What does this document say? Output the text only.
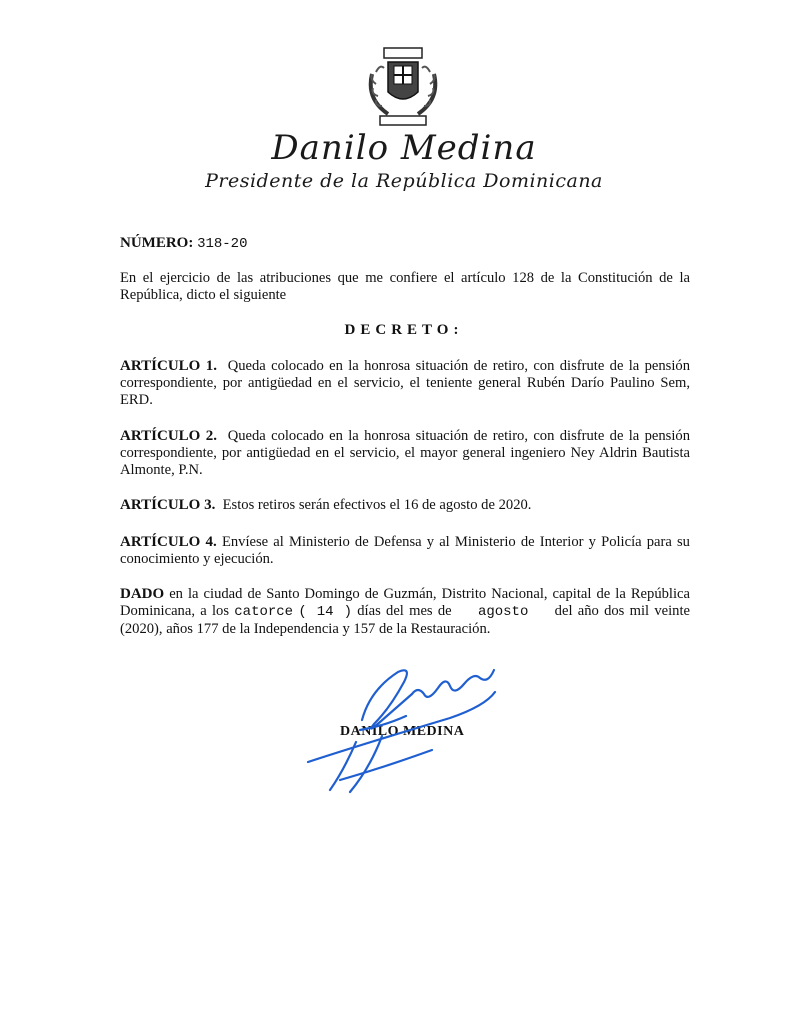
Danilo Medina
Presidente de la República Dominicana
NÚMERO: 318-20
En el ejercicio de las atribuciones que me confiere el artículo 128 de la Constitución de la República, dicto el siguiente
DECRETO:
ARTÍCULO 1. Queda colocado en la honrosa situación de retiro, con disfrute de la pensión correspondiente, por antigüedad en el servicio, el teniente general Rubén Darío Paulino Sem, ERD.
ARTÍCULO 2. Queda colocado en la honrosa situación de retiro, con disfrute de la pensión correspondiente, por antigüedad en el servicio, el mayor general ingeniero Ney Aldrin Bautista Almonte, P.N.
ARTÍCULO 3. Estos retiros serán efectivos el 16 de agosto de 2020.
ARTÍCULO 4. Envíese al Ministerio de Defensa y al Ministerio de Interior y Policía para su conocimiento y ejecución.
DADO en la ciudad de Santo Domingo de Guzmán, Distrito Nacional, capital de la República Dominicana, a los catorce ( 14 ) días del mes de agosto del año dos mil veinte (2020), años 177 de la Independencia y 157 de la Restauración.
DANILO MEDINA
